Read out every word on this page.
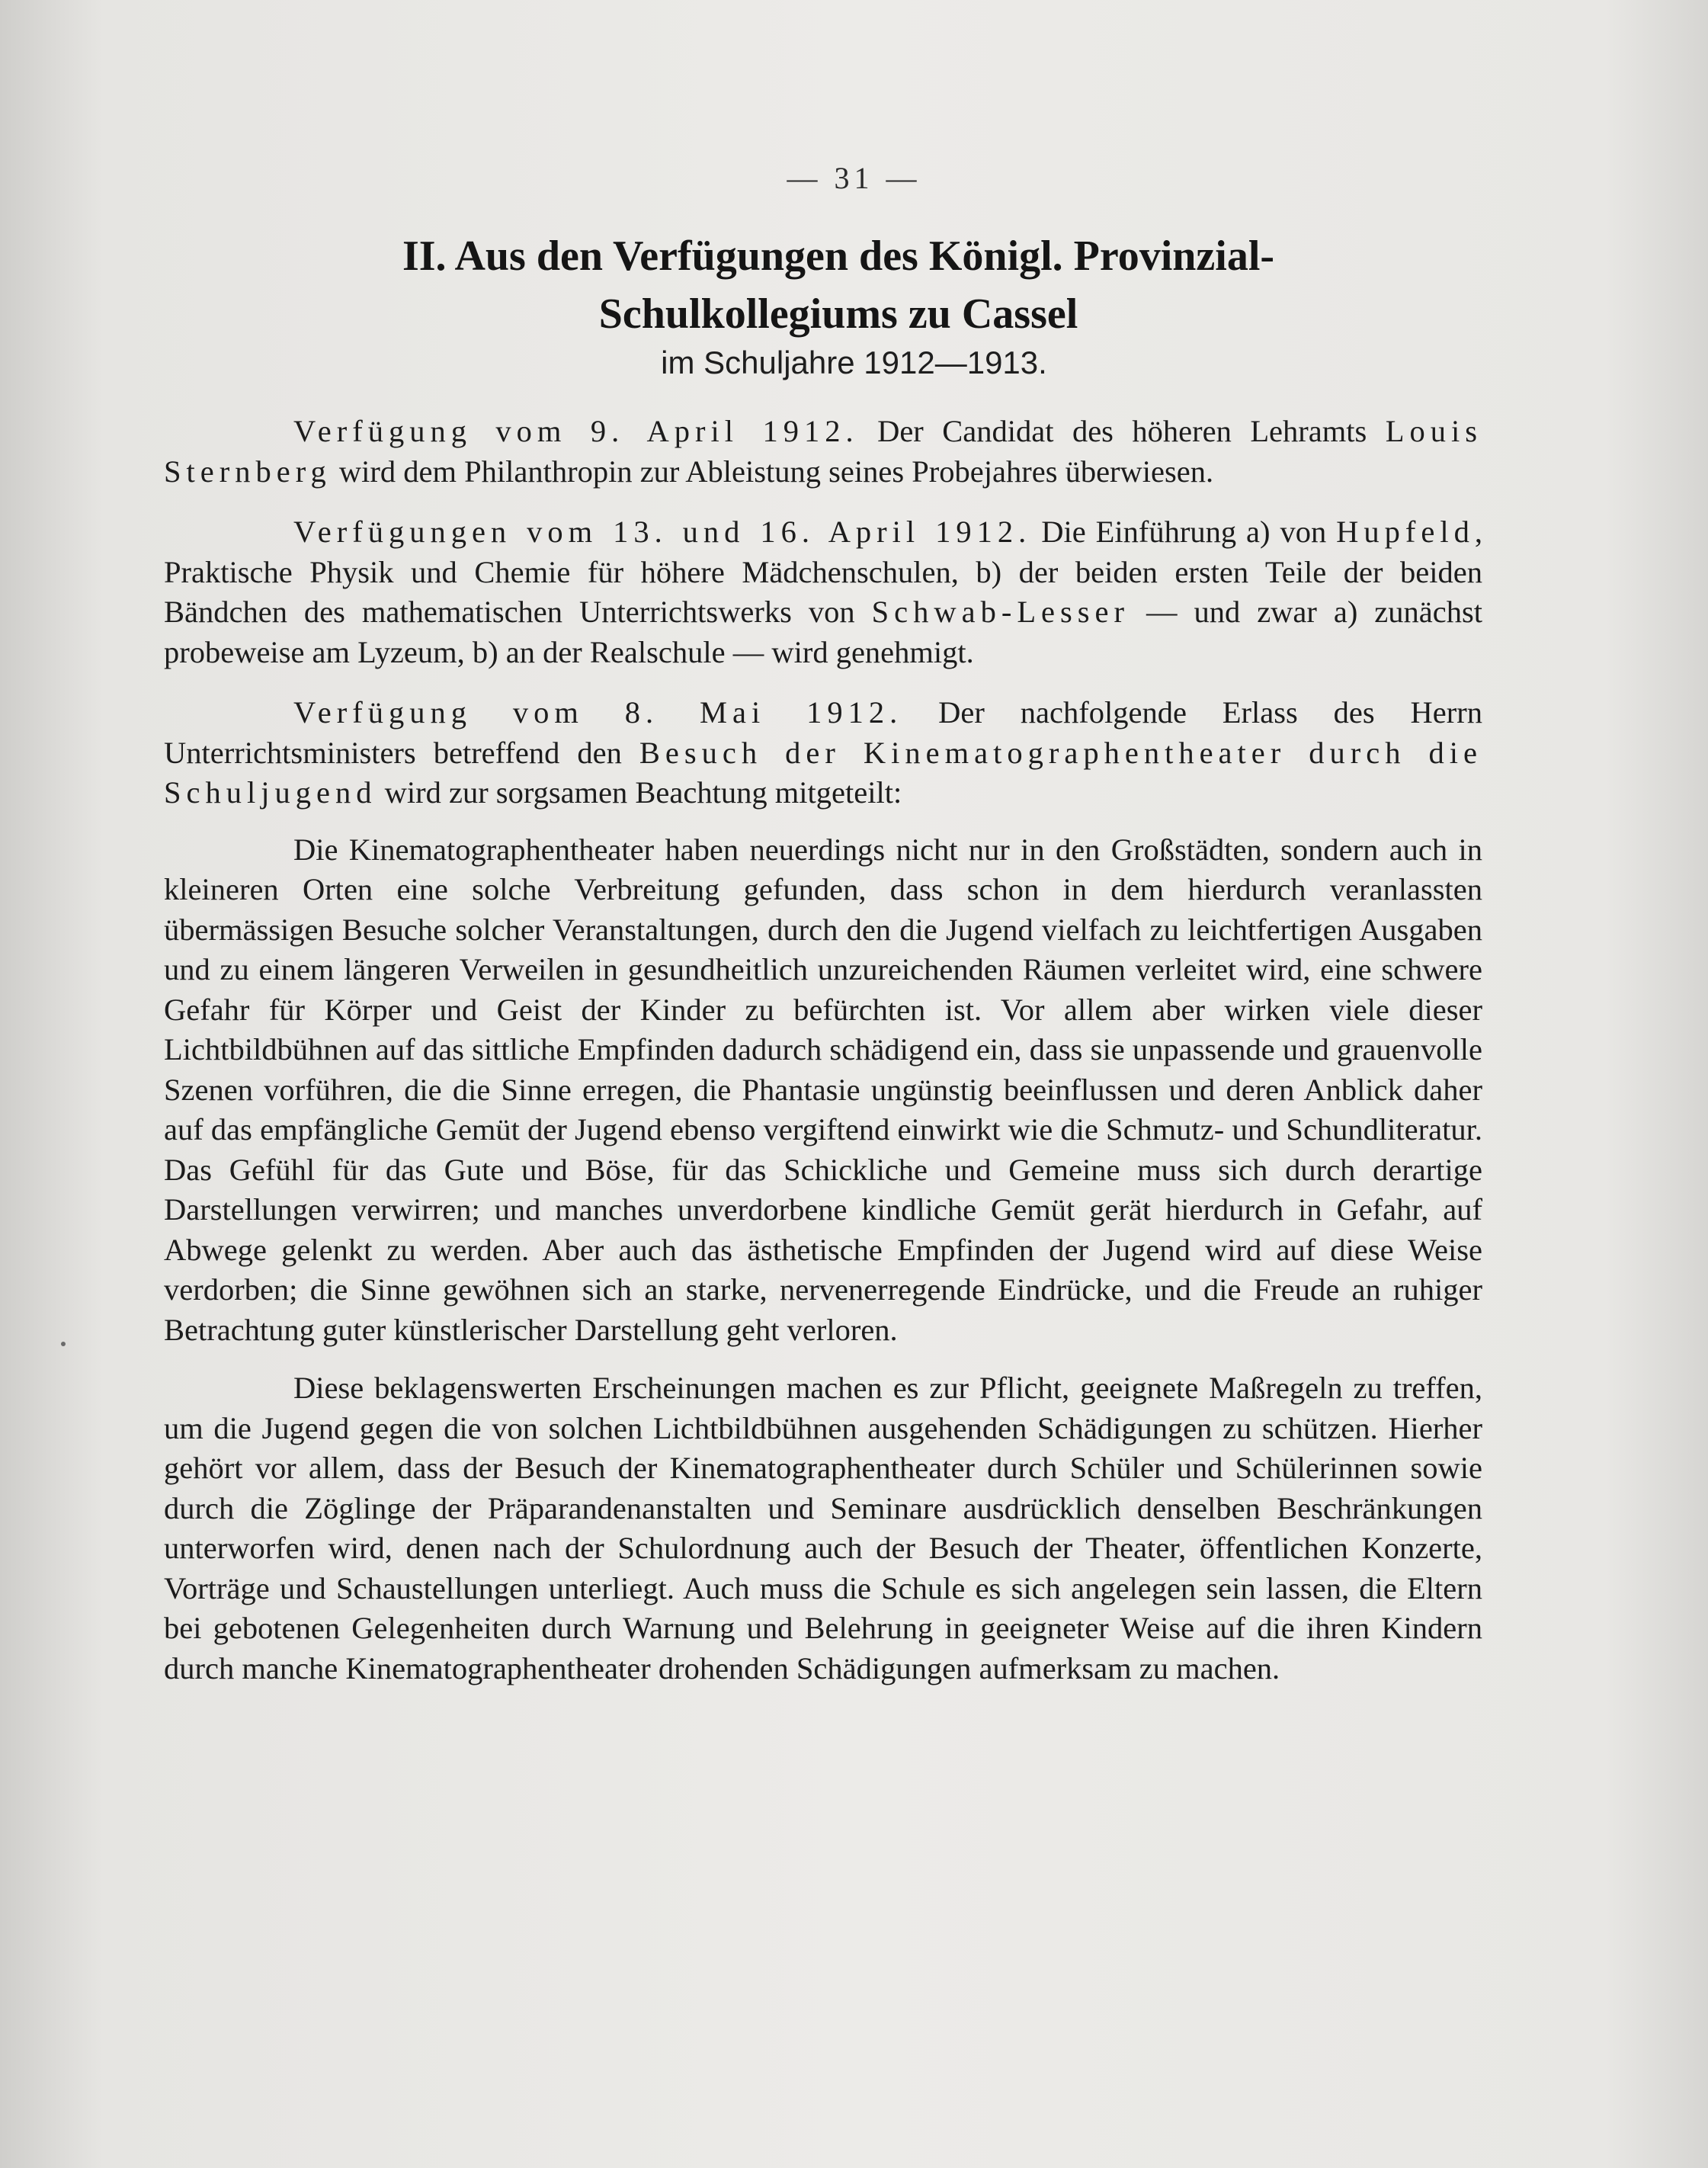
— 31 —
II. Aus den Verfügungen des Königl. Provinzial-
Schulkollegiums zu Cassel
im Schuljahre 1912—1913.

Verfügung vom 9. April 1912. Der Candidat des höheren Lehramts Louis Sternberg wird dem Philanthropin zur Ableistung seines Probejahres überwiesen.

Verfügungen vom 13. und 16. April 1912. Die Einführung a) von Hupfeld, Praktische Physik und Chemie für höhere Mädchenschulen, b) der beiden ersten Teile der beiden Bändchen des mathematischen Unterrichtswerks von Schwab-Lesser — und zwar a) zunächst probeweise am Lyzeum, b) an der Realschule — wird genehmigt.

Verfügung vom 8. Mai 1912. Der nachfolgende Erlass des Herrn Unterrichtsministers betreffend den Besuch der Kinematographentheater durch die Schuljugend wird zur sorgsamen Beachtung mitgeteilt:

Die Kinematographentheater haben neuerdings nicht nur in den Großstädten, sondern auch in kleineren Orten eine solche Verbreitung gefunden, dass schon in dem hierdurch veranlassten übermässigen Besuche solcher Veranstaltungen, durch den die Jugend vielfach zu leichtfertigen Ausgaben und zu einem längeren Verweilen in gesundheitlich unzureichenden Räumen verleitet wird, eine schwere Gefahr für Körper und Geist der Kinder zu befürchten ist. Vor allem aber wirken viele dieser Lichtbildbühnen auf das sittliche Empfinden dadurch schädigend ein, dass sie unpassende und grauenvolle Szenen vorführen, die die Sinne erregen, die Phantasie ungünstig beeinflussen und deren Anblick daher auf das empfängliche Gemüt der Jugend ebenso vergiftend einwirkt wie die Schmutz- und Schundliteratur. Das Gefühl für das Gute und Böse, für das Schickliche und Gemeine muss sich durch derartige Darstellungen verwirren; und manches unverdorbene kindliche Gemüt gerät hierdurch in Gefahr, auf Abwege gelenkt zu werden. Aber auch das ästhetische Empfinden der Jugend wird auf diese Weise verdorben; die Sinne gewöhnen sich an starke, nervenerregende Eindrücke, und die Freude an ruhiger Betrachtung guter künstlerischer Darstellung geht verloren.

Diese beklagenswerten Erscheinungen machen es zur Pflicht, geeignete Maßregeln zu treffen, um die Jugend gegen die von solchen Lichtbildbühnen ausgehenden Schädigungen zu schützen. Hierher gehört vor allem, dass der Besuch der Kinematographentheater durch Schüler und Schülerinnen sowie durch die Zöglinge der Präparandenanstalten und Seminare ausdrücklich denselben Beschränkungen unterworfen wird, denen nach der Schulordnung auch der Besuch der Theater, öffentlichen Konzerte, Vorträge und Schaustellungen unterliegt. Auch muss die Schule es sich angelegen sein lassen, die Eltern bei gebotenen Gelegenheiten durch Warnung und Belehrung in geeigneter Weise auf die ihren Kindern durch manche Kinematographentheater drohenden Schädigungen aufmerksam zu machen.
